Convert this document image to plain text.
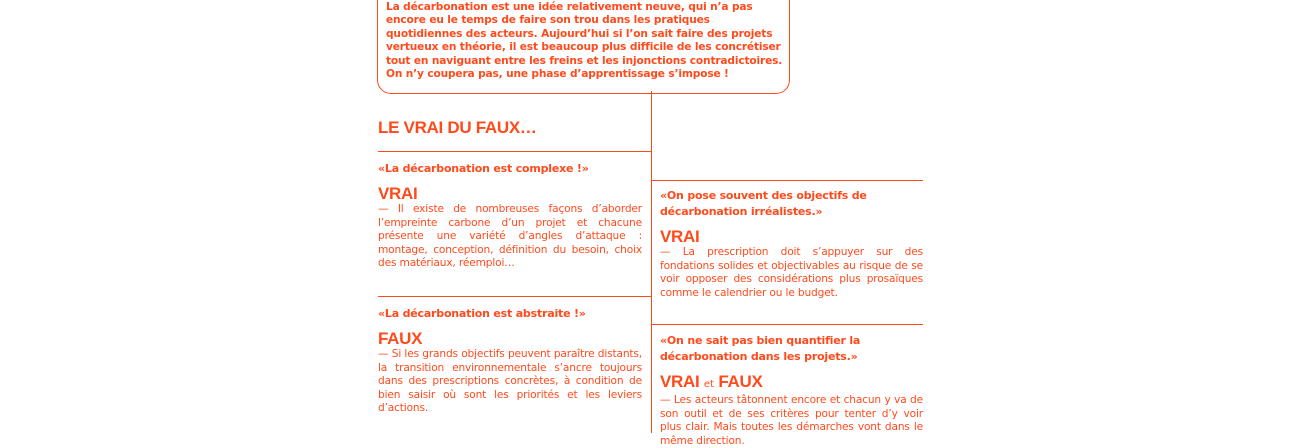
La décarbonation est une idée relativement neuve, qui n’a pas encore eu le temps de faire son trou dans les pratiques quotidiennes des acteurs. Aujourd’hui si l’on sait faire des projets vertueux en théorie, il est beaucoup plus difficile de les concrétiser tout en naviguant entre les freins et les injonctions contradictoires. On n’y coupera pas, une phase d’apprentissage s’impose !
LE VRAI DU FAUX…
«La décarbonation est complexe !»
VRAI
— Il existe de nombreuses façons d’aborder l’empreinte carbone d’un projet et chacune présente une variété d’angles d’attaque : montage, conception, définition du besoin, choix des matériaux, réemploi…
«La décarbonation est abstraite !»
FAUX
— Si les grands objectifs peuvent paraître distants, la transition environnementale s’ancre toujours dans des prescriptions concrètes, à condition de bien saisir où sont les priorités et les leviers d’actions.
«On pose souvent des objectifs de décarbonation irréalistes.»
VRAI
— La prescription doit s’appuyer sur des fondations solides et objectivables au risque de se voir opposer des considérations plus prosaïques comme le calendrier ou le budget.
«On ne sait pas bien quantifier la décarbonation dans les projets.»
VRAI et FAUX
— Les acteurs tâtonnent encore et chacun y va de son outil et de ses critères pour tenter d’y voir plus clair. Mais toutes les démarches vont dans le même direction.
